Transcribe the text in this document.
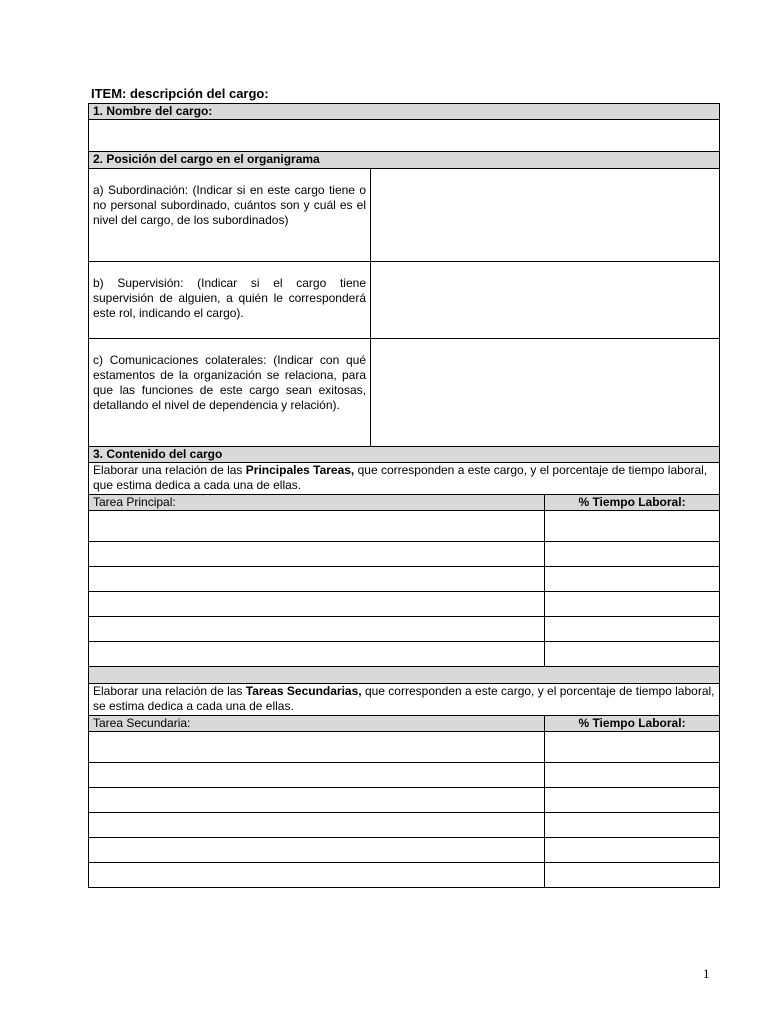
ITEM: descripción del cargo:
1. Nombre del cargo:		

2. Posición del cargo en el organigrama		
a) Subordinación: (Indicar si en este cargo tiene o no personal subordinado, cuántos son y cuál es el nivel del cargo, de los subordinados)		
b) Supervisión: (Indicar si el cargo tiene supervisión de alguien, a quién le corresponderá este rol, indicando el cargo).		
c) Comunicaciones colaterales: (Indicar con qué estamentos de la organización se relaciona, para que las funciones de este cargo sean exitosas, detallando el nivel de dependencia y relación).		
3. Contenido del cargo		
Elaborar una relación de las Principales Tareas, que corresponden a este cargo, y el porcentaje de tiempo laboral, que estima dedica a cada una de ellas.		
Tarea Principal:		% Tiempo Laboral:

Elaborar una relación de las Tareas Secundarias, que corresponden a este cargo, y el porcentaje de tiempo laboral, se estima dedica a cada una de ellas.		
Tarea Secundaria:		% Tiempo Laboral:

1
